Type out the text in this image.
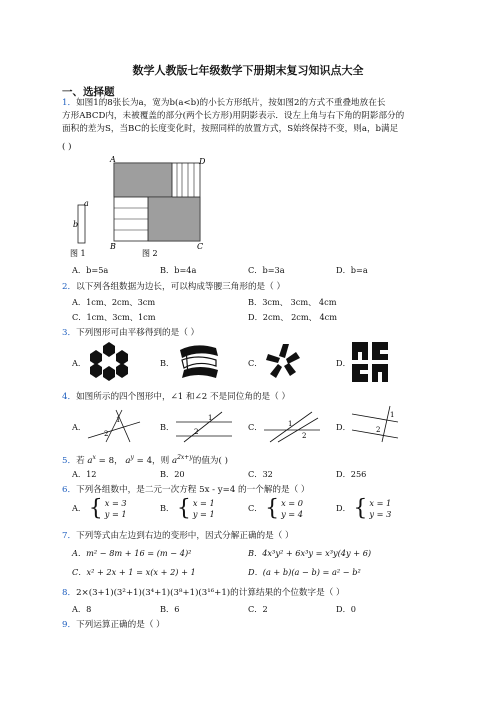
数学人教版七年级数学下册期末复习知识点大全
一、选择题
1．如图1的8张长为a，宽为b(a<b)的小长方形纸片，按如图2的方式不重叠地放在长
方形ABCD内，未被覆盖的部分(两个长方形)用阴影表示．设左上角与右下角的阴影部分的
面积的差为S，当BC的长度变化时，按照同样的放置方式，S始终保持不变，则a，b满足
( )
a
b
A	D
B	C
图 1	图 2
A．b=5a	B．b=4a	C．b=3a	D．b=a
2．以下列各组数据为边长，可以构成等腰三角形的是（ ）
A．1cm、2cm、3cm	B．3cm、 3cm、 4cm
C．1cm、3cm、1cm	D．2cm、 2cm、 4cm
3．下列图形可由平移得到的是（ ）
A．	B．	C．	D．
4．如图所示的四个图形中，∠1 和∠2 不是同位角的是（ ）
A．
1
2
B．
1
2	C．	1
2
D．
1
2
5．若 $a^x = 8$， $a^y = 4$，则 $a^{2x+y}$的值为( )
A．12	B．20	C．32	D．256
6．下列各组数中，是二元一次方程 5x - y=4 的一个解的是（ ）
A． { x = 3
y = 1
B． { x = 1
y = 1
C． { x = 0
y = 4
D． { x = 1
y = 3
7．下列等式由左边到右边的变形中，因式分解正确的是（ ）
A．m² − 8m + 16 = (m − 4)²	B．4x³y² + 6x³y = x³y(4y + 6)
C．x² + 2x + 1 = x(x + 2) + 1	D．(a + b)(a − b) = a² − b²
8．2×(3+1)(3²+1)(3⁴+1)(3⁸+1)(3¹⁶+1)的计算结果的个位数字是（ ）
A．8	B．6	C．2	D．0
9．下列运算正确的是（ ）
